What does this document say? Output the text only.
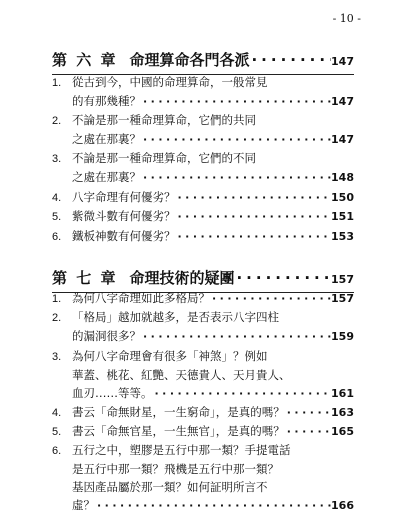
- 10 -
第 六 章 命理算命各門各派 ·····	147
1. 從古到今，中國的命理算命，一般常見
的有那幾種？ ·····	147
2. 不論是那一種命理算命，它們的共同
之處在那裏？ ·····	147
3. 不論是那一種命理算命，它們的不同
之處在那裏？ ·····	148
4. 八字命理有何優劣？ ·····	150
5. 紫微斗數有何優劣？ ·····	151
6. 鐵板神數有何優劣？ ·····	153
第 七 章 命理技術的疑團 ·····	157
1. 為何八字命理如此多格局？ ·····	157
2. 「格局」越加就越多，是否表示八字四柱
的漏洞很多？ ·····	159
3. 為何八字命理會有很多「神煞」？例如
華蓋、桃花、紅艷、天德貴人、天月貴人、
血刃……等等。 ·····	161
4. 書云「命無財星，一生窮命」，是真的嗎？ ·····	163
5. 書云「命無官星，一生無官」，是真的嗎？ ·····	165
6. 五行之中，塑膠是五行中那一類？手提電話
是五行中那一類？飛機是五行中那一類？
基因產品屬於那一類？如何証明所言不
虛？ ·····	166
